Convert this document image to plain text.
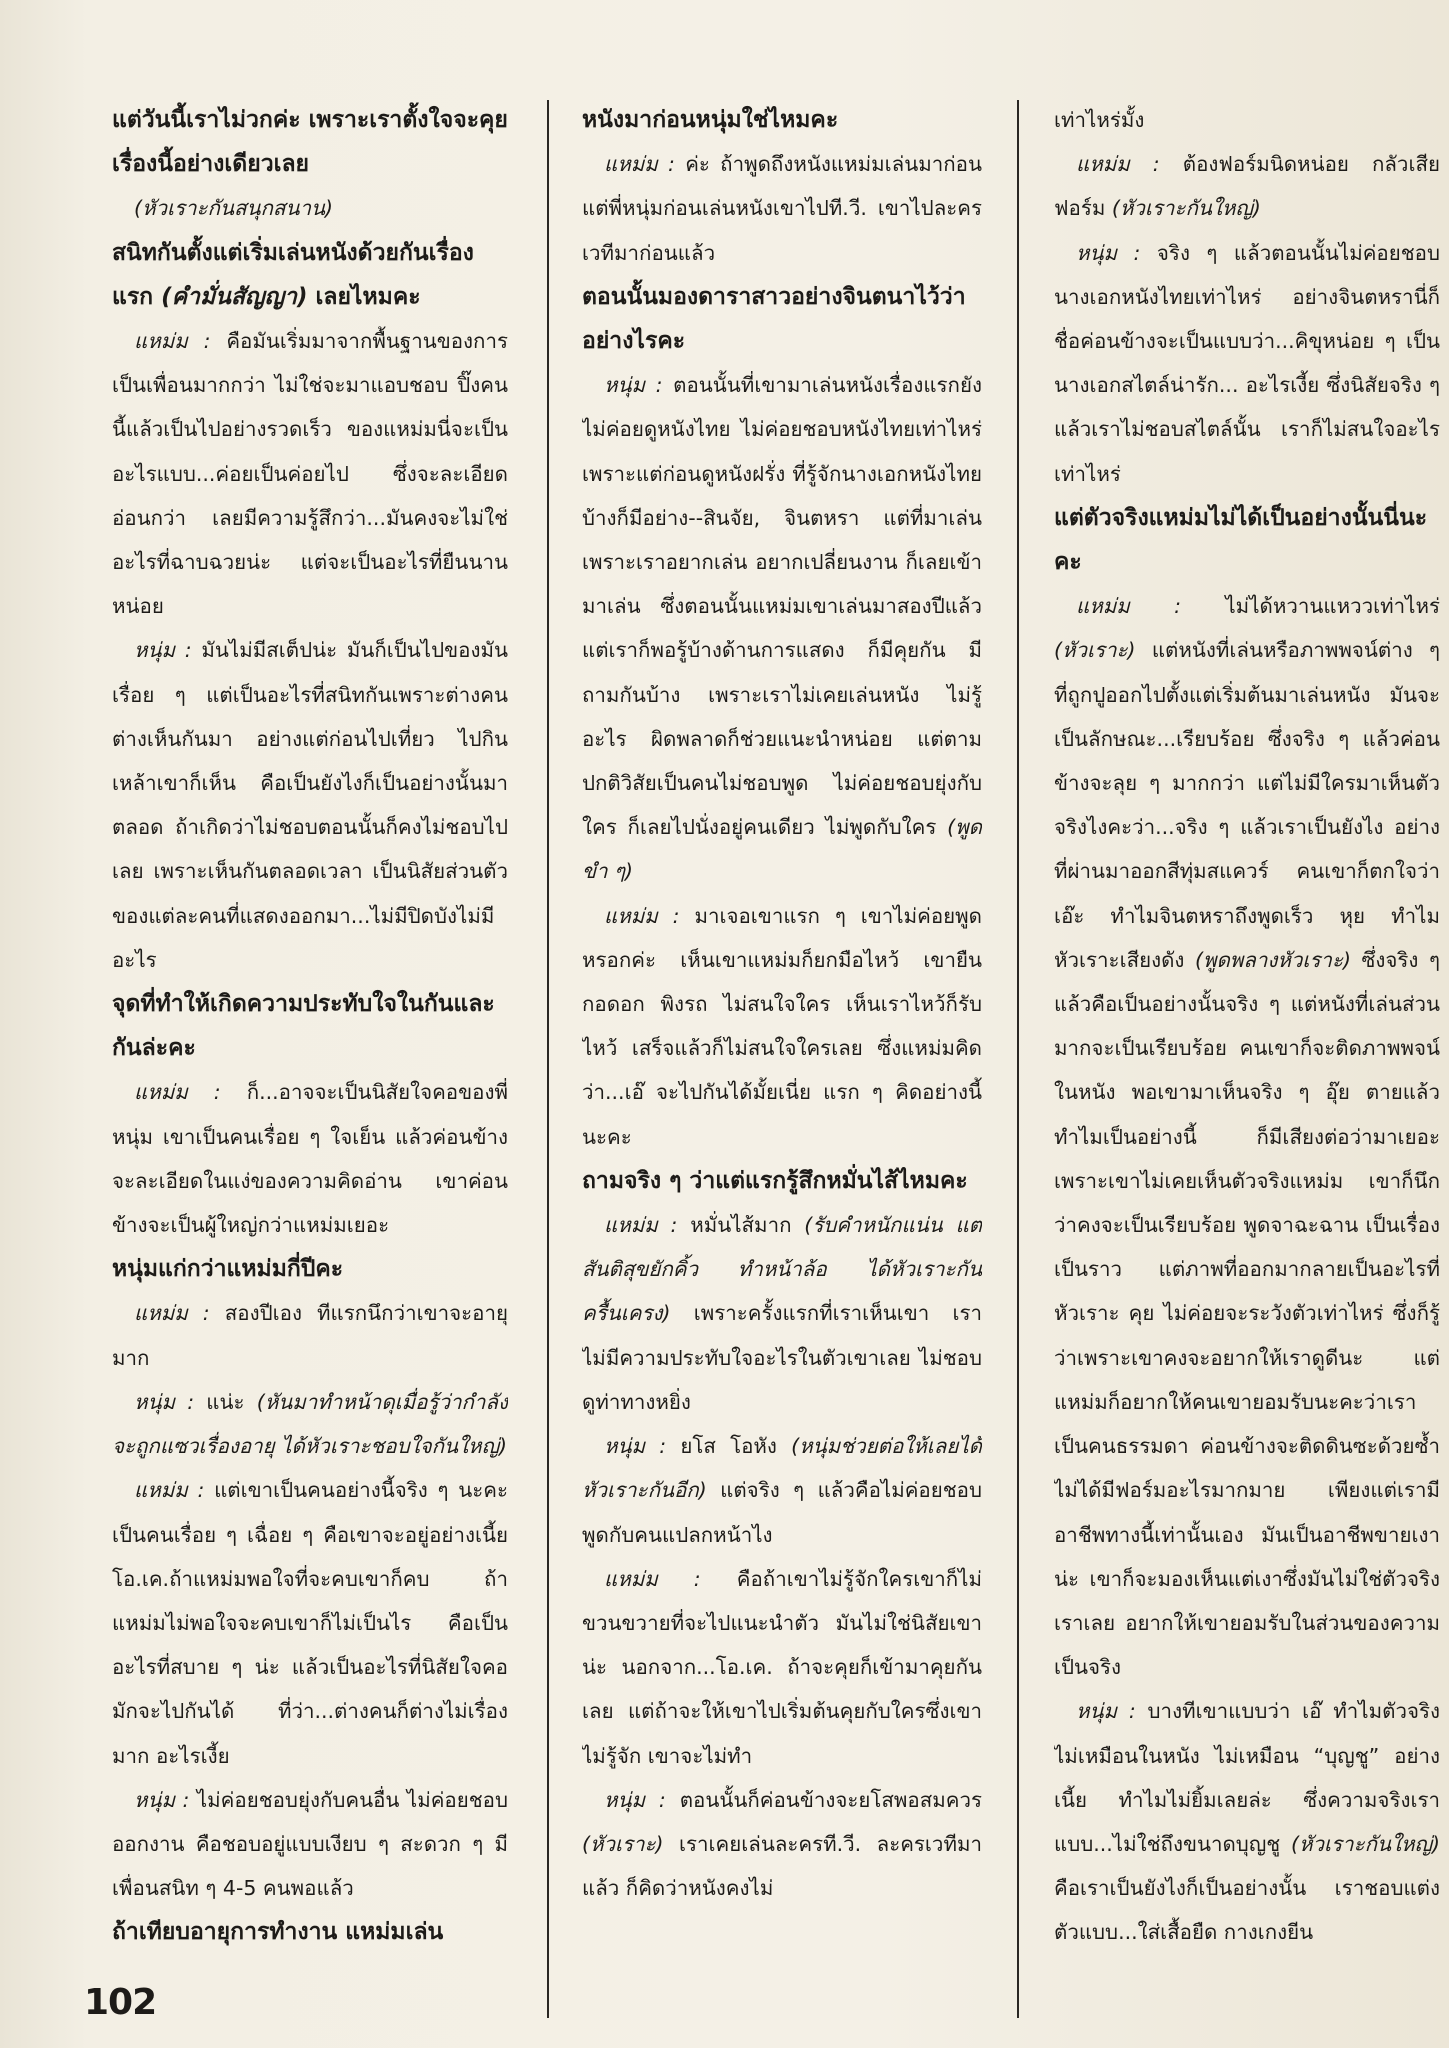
แต่วันนี้เราไม่วกค่ะ เพราะเราตั้งใจจะคุยเรื่องนี้อย่างเดียวเลย

(หัวเราะกันสนุกสนาน)

สนิทกันตั้งแต่เริ่มเล่นหนังด้วยกันเรื่องแรก (คำมั่นสัญญา) เลยไหมคะ

แหม่ม : คือมันเริ่มมาจากพื้นฐานของการเป็นเพื่อนมากกว่า ไม่ใช่จะมาแอบชอบ ปิ๊งคนนี้แล้วเป็นไปอย่างรวดเร็ว ของแหม่มนี่จะเป็นอะไรแบบ...ค่อยเป็นค่อยไป ซึ่งจะละเอียดอ่อนกว่า เลยมีความรู้สึกว่า...มันคงจะไม่ใช่อะไรที่ฉาบฉวยน่ะ แต่จะเป็นอะไรที่ยืนนานหน่อย

หนุ่ม : มันไม่มีสเต็ปน่ะ มันก็เป็นไปของมันเรื่อย ๆ แต่เป็นอะไรที่สนิทกันเพราะต่างคนต่างเห็นกันมา อย่างแต่ก่อนไปเที่ยว ไปกินเหล้าเขาก็เห็น คือเป็นยังไงก็เป็นอย่างนั้นมาตลอด ถ้าเกิดว่าไม่ชอบตอนนั้นก็คงไม่ชอบไปเลย เพราะเห็นกันตลอดเวลา เป็นนิสัยส่วนตัวของแต่ละคนที่แสดงออกมา...ไม่มีปิดบังไม่มีอะไร

จุดที่ทำให้เกิดความประทับใจในกันและกันล่ะคะ

แหม่ม : ก็...อาจจะเป็นนิสัยใจคอของพี่หนุ่ม เขาเป็นคนเรื่อย ๆ ใจเย็น แล้วค่อนข้างจะละเอียดในแง่ของความคิดอ่าน เขาค่อนข้างจะเป็นผู้ใหญ่กว่าแหม่มเยอะ

หนุ่มแก่กว่าแหม่มกี่ปีคะ

แหม่ม : สองปีเอง ทีแรกนึกว่าเขาจะอายุมาก

หนุ่ม : แน่ะ (หันมาทำหน้าดุเมื่อรู้ว่ากำลังจะถูกแซวเรื่องอายุ ได้หัวเราะชอบใจกันใหญ่)

แหม่ม : แต่เขาเป็นคนอย่างนี้จริง ๆ นะคะ เป็นคนเรื่อย ๆ เฉื่อย ๆ คือเขาจะอยู่อย่างเนี้ย โอ.เค.ถ้าแหม่มพอใจที่จะคบเขาก็คบ ถ้าแหม่มไม่พอใจจะคบเขาก็ไม่เป็นไร คือเป็นอะไรที่สบาย ๆ น่ะ แล้วเป็นอะไรที่นิสัยใจคอมักจะไปกันได้ ที่ว่า...ต่างคนก็ต่างไม่เรื่องมาก อะไรเงี้ย

หนุ่ม : ไม่ค่อยชอบยุ่งกับคนอื่น ไม่ค่อยชอบออกงาน คือชอบอยู่แบบเงียบ ๆ สะดวก ๆ มีเพื่อนสนิท ๆ 4-5 คนพอแล้ว

ถ้าเทียบอายุการทำงาน แหม่มเล่น

หนังมาก่อนหนุ่มใช่ไหมคะ

แหม่ม : ค่ะ ถ้าพูดถึงหนังแหม่มเล่นมาก่อน แต่พี่หนุ่มก่อนเล่นหนังเขาไปที.วี. เขาไปละครเวทีมาก่อนแล้ว

ตอนนั้นมองดาราสาวอย่างจินตนาไว้ว่าอย่างไรคะ

หนุ่ม : ตอนนั้นที่เขามาเล่นหนังเรื่องแรกยังไม่ค่อยดูหนังไทย ไม่ค่อยชอบหนังไทยเท่าไหร่ เพราะแต่ก่อนดูหนังฝรั่ง ที่รู้จักนางเอกหนังไทยบ้างก็มีอย่าง--สินจัย, จินตหรา แต่ที่มาเล่นเพราะเราอยากเล่น อยากเปลี่ยนงาน ก็เลยเข้ามาเล่น ซึ่งตอนนั้นแหม่มเขาเล่นมาสองปีแล้ว แต่เราก็พอรู้บ้างด้านการแสดง ก็มีคุยกัน มีถามกันบ้าง เพราะเราไม่เคยเล่นหนัง ไม่รู้อะไร ผิดพลาดก็ช่วยแนะนำหน่อย แต่ตามปกติวิสัยเป็นคนไม่ชอบพูด ไม่ค่อยชอบยุ่งกับใคร ก็เลยไปนั่งอยู่คนเดียว ไม่พูดกับใคร (พูดขำ ๆ)

แหม่ม : มาเจอเขาแรก ๆ เขาไม่ค่อยพูดหรอกค่ะ เห็นเขาแหม่มก็ยกมือไหว้ เขายืนกอดอก พิงรถ ไม่สนใจใคร เห็นเราไหว้ก็รับไหว้ เสร็จแล้วก็ไม่สนใจใครเลย ซึ่งแหม่มคิดว่า...เอ๊ จะไปกันได้มั้ยเนี่ย แรก ๆ คิดอย่างนี้นะคะ

ถามจริง ๆ ว่าแต่แรกรู้สึกหมั่นไส้ไหมคะ

แหม่ม : หมั่นไส้มาก (รับคำหนักแน่น แต่สันติสุขยักคิ้ว ทำหน้าล้อ ได้หัวเราะกันครื้นเครง) เพราะครั้งแรกที่เราเห็นเขา เราไม่มีความประทับใจอะไรในตัวเขาเลย ไม่ชอบ ดูท่าทางหยิ่ง

หนุ่ม : ยโส โอหัง (หนุ่มช่วยต่อให้เลยได้หัวเราะกันอีก) แต่จริง ๆ แล้วคือไม่ค่อยชอบพูดกับคนแปลกหน้าไง

แหม่ม : คือถ้าเขาไม่รู้จักใครเขาก็ไม่ขวนขวายที่จะไปแนะนำตัว มันไม่ใช่นิสัยเขาน่ะ นอกจาก...โอ.เค. ถ้าจะคุยก็เข้ามาคุยกันเลย แต่ถ้าจะให้เขาไปเริ่มต้นคุยกับใครซึ่งเขาไม่รู้จัก เขาจะไม่ทำ

หนุ่ม : ตอนนั้นก็ค่อนข้างจะยโสพอสมควร (หัวเราะ) เราเคยเล่นละครที.วี. ละครเวทีมาแล้ว ก็คิดว่าหนังคงไม่

เท่าไหร่มั้ง

แหม่ม : ต้องฟอร์มนิดหน่อย กลัวเสียฟอร์ม (หัวเราะกันใหญ่)

หนุ่ม : จริง ๆ แล้วตอนนั้นไม่ค่อยชอบนางเอกหนังไทยเท่าไหร่ อย่างจินตหรานี่ก็ชื่อค่อนข้างจะเป็นแบบว่า...คิขุหน่อย ๆ เป็นนางเอกสไตล์น่ารัก... อะไรเงี้ย ซึ่งนิสัยจริง ๆ แล้วเราไม่ชอบสไตล์นั้น เราก็ไม่สนใจอะไรเท่าไหร่

แต่ตัวจริงแหม่มไม่ได้เป็นอย่างนั้นนี่นะคะ

แหม่ม : ไม่ได้หวานแหววเท่าไหร่ (หัวเราะ) แต่หนังที่เล่นหรือภาพพจน์ต่าง ๆ ที่ถูกปูออกไปตั้งแต่เริ่มต้นมาเล่นหนัง มันจะเป็นลักษณะ...เรียบร้อย ซึ่งจริง ๆ แล้วค่อนข้างจะลุย ๆ มากกว่า แต่ไม่มีใครมาเห็นตัวจริงไงคะว่า...จริง ๆ แล้วเราเป็นยังไง อย่างที่ผ่านมาออกสีทุ่มสแควร์ คนเขาก็ตกใจว่า เอ๊ะ ทำไมจินตหราถึงพูดเร็ว หุย ทำไมหัวเราะเสียงดัง (พูดพลางหัวเราะ) ซึ่งจริง ๆ แล้วคือเป็นอย่างนั้นจริง ๆ แต่หนังที่เล่นส่วนมากจะเป็นเรียบร้อย คนเขาก็จะติดภาพพจน์ในหนัง พอเขามาเห็นจริง ๆ อุ๊ย ตายแล้ว ทำไมเป็นอย่างนี้ ก็มีเสียงต่อว่ามาเยอะ เพราะเขาไม่เคยเห็นตัวจริงแหม่ม เขาก็นึกว่าคงจะเป็นเรียบร้อย พูดจาฉะฉาน เป็นเรื่องเป็นราว แต่ภาพที่ออกมากลายเป็นอะไรที่หัวเราะ คุย ไม่ค่อยจะระวังตัวเท่าไหร่ ซึ่งก็รู้ว่าเพราะเขาคงจะอยากให้เราดูดีนะ แต่แหม่มก็อยากให้คนเขายอมรับนะคะว่าเราเป็นคนธรรมดา ค่อนข้างจะติดดินซะด้วยซ้ำ ไม่ได้มีฟอร์มอะไรมากมาย เพียงแต่เรามีอาชีพทางนี้เท่านั้นเอง มันเป็นอาชีพขายเงาน่ะ เขาก็จะมองเห็นแต่เงาซึ่งมันไม่ใช่ตัวจริงเราเลย อยากให้เขายอมรับในส่วนของความเป็นจริง

หนุ่ม : บางทีเขาแบบว่า เอ๊ ทำไมตัวจริงไม่เหมือนในหนัง ไม่เหมือน “บุญชู” อย่างเนี้ย ทำไมไม่ยิ้มเลยล่ะ ซึ่งความจริงเราแบบ...ไม่ใช่ถึงขนาดบุญชู (หัวเราะกันใหญ่) คือเราเป็นยังไงก็เป็นอย่างนั้น เราชอบแต่งตัวแบบ...ใส่เสื้อยืด กางเกงยีน

102
